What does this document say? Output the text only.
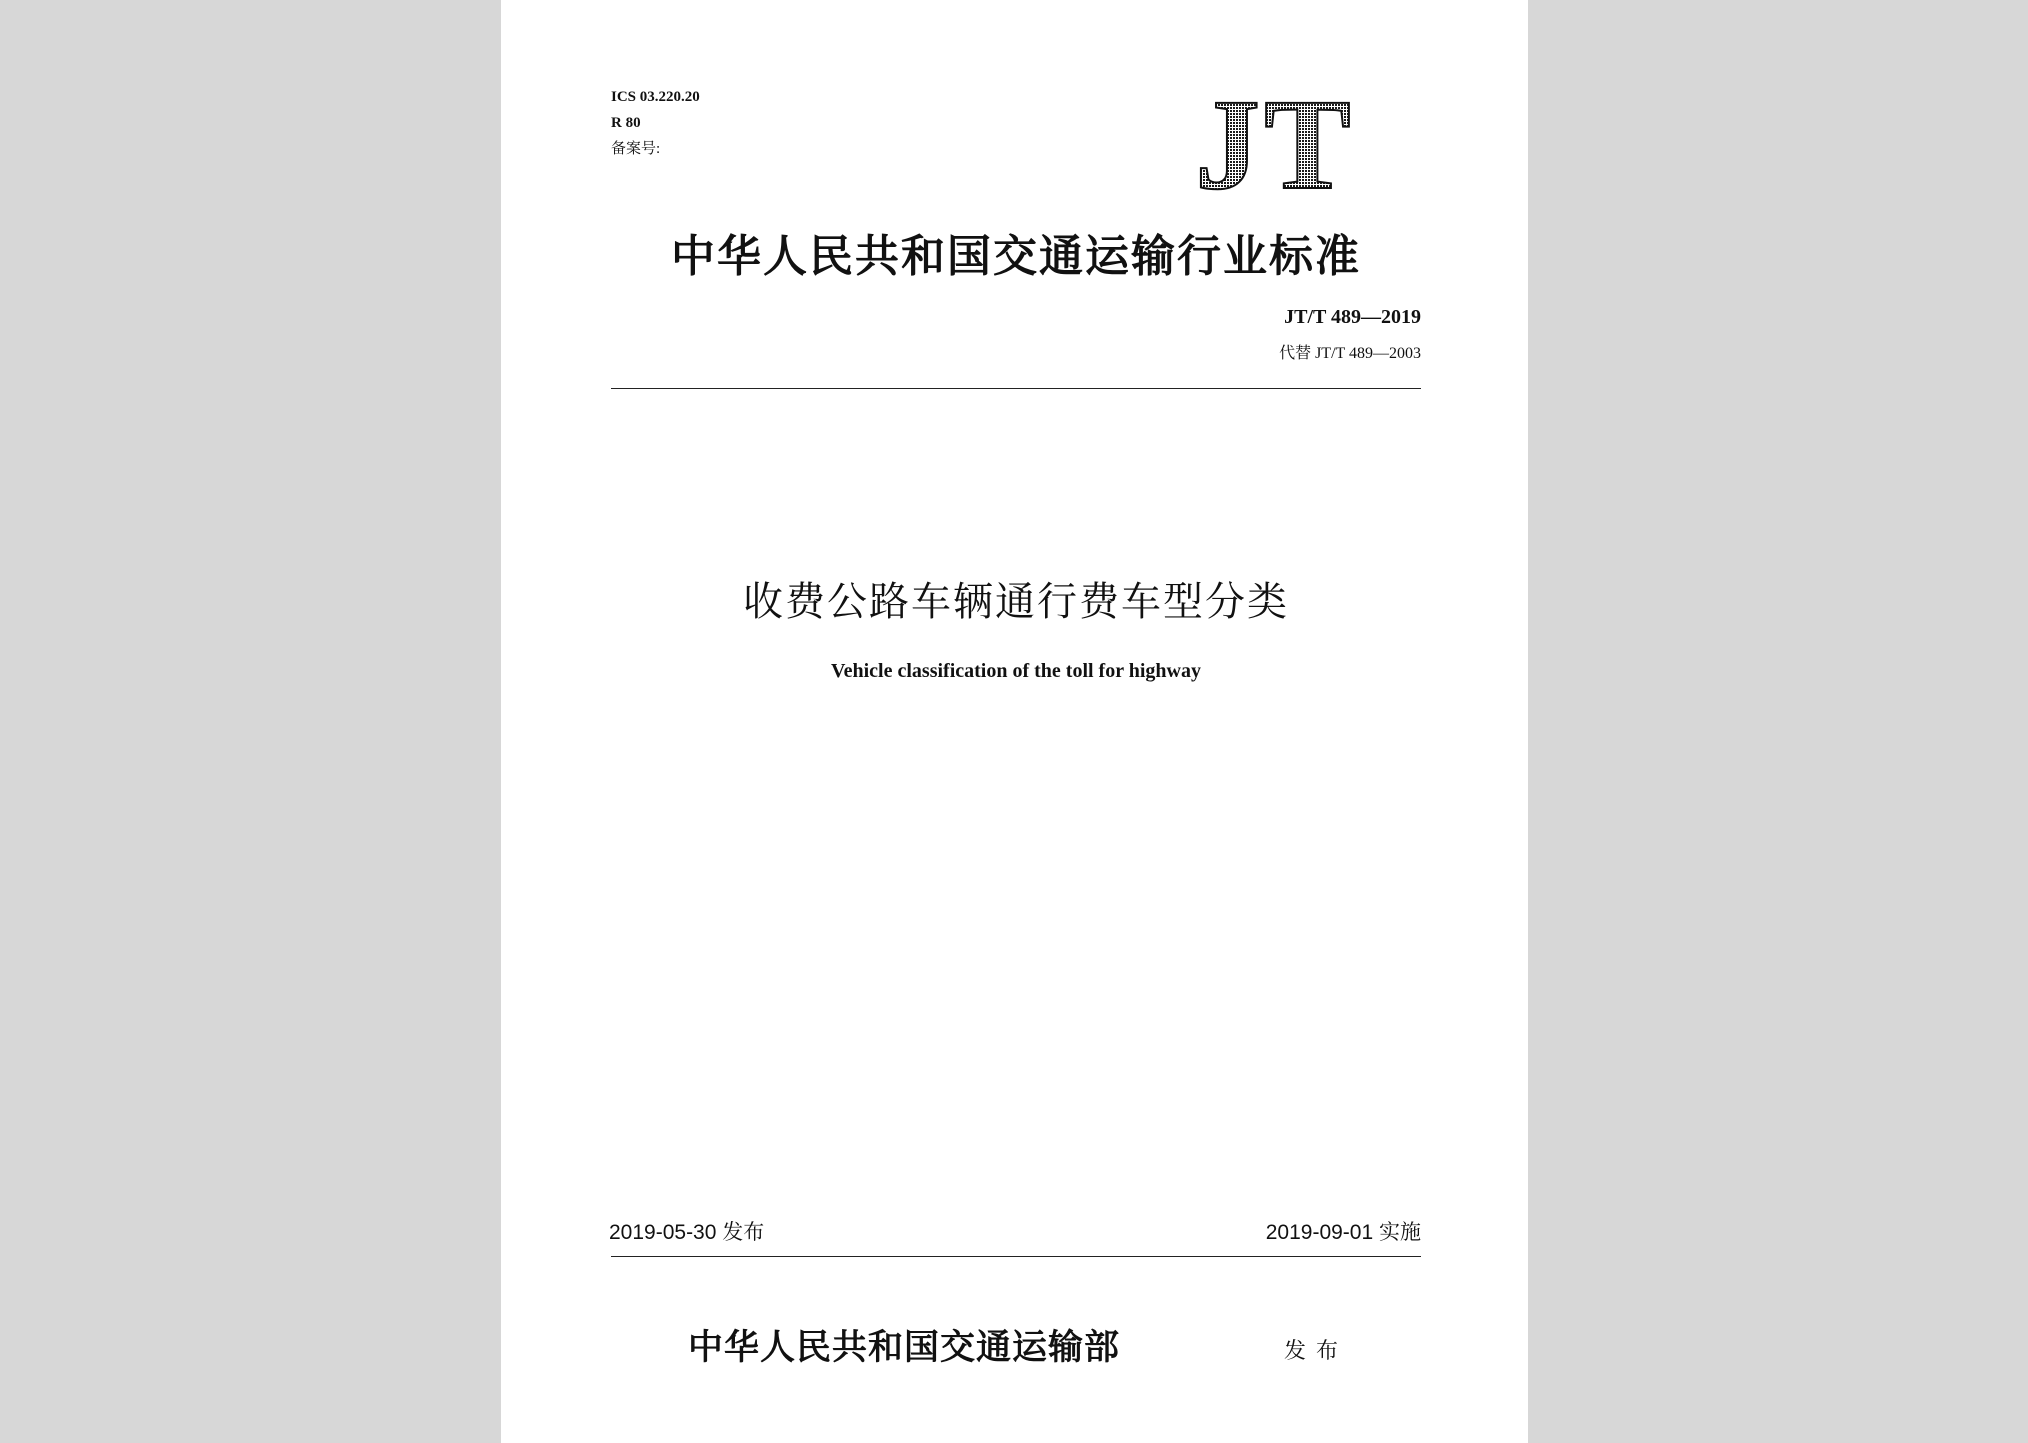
ICS 03.220.20
R 80
备案号:	JT
中华人民共和国交通运输行业标准
JT/T 489—2019
代替 JT/T 489—2003
收费公路车辆通行费车型分类
Vehicle classification of the toll for highway
2019-05-30 发布	2019-09-01 实施
中华人民共和国交通运输部	发布
